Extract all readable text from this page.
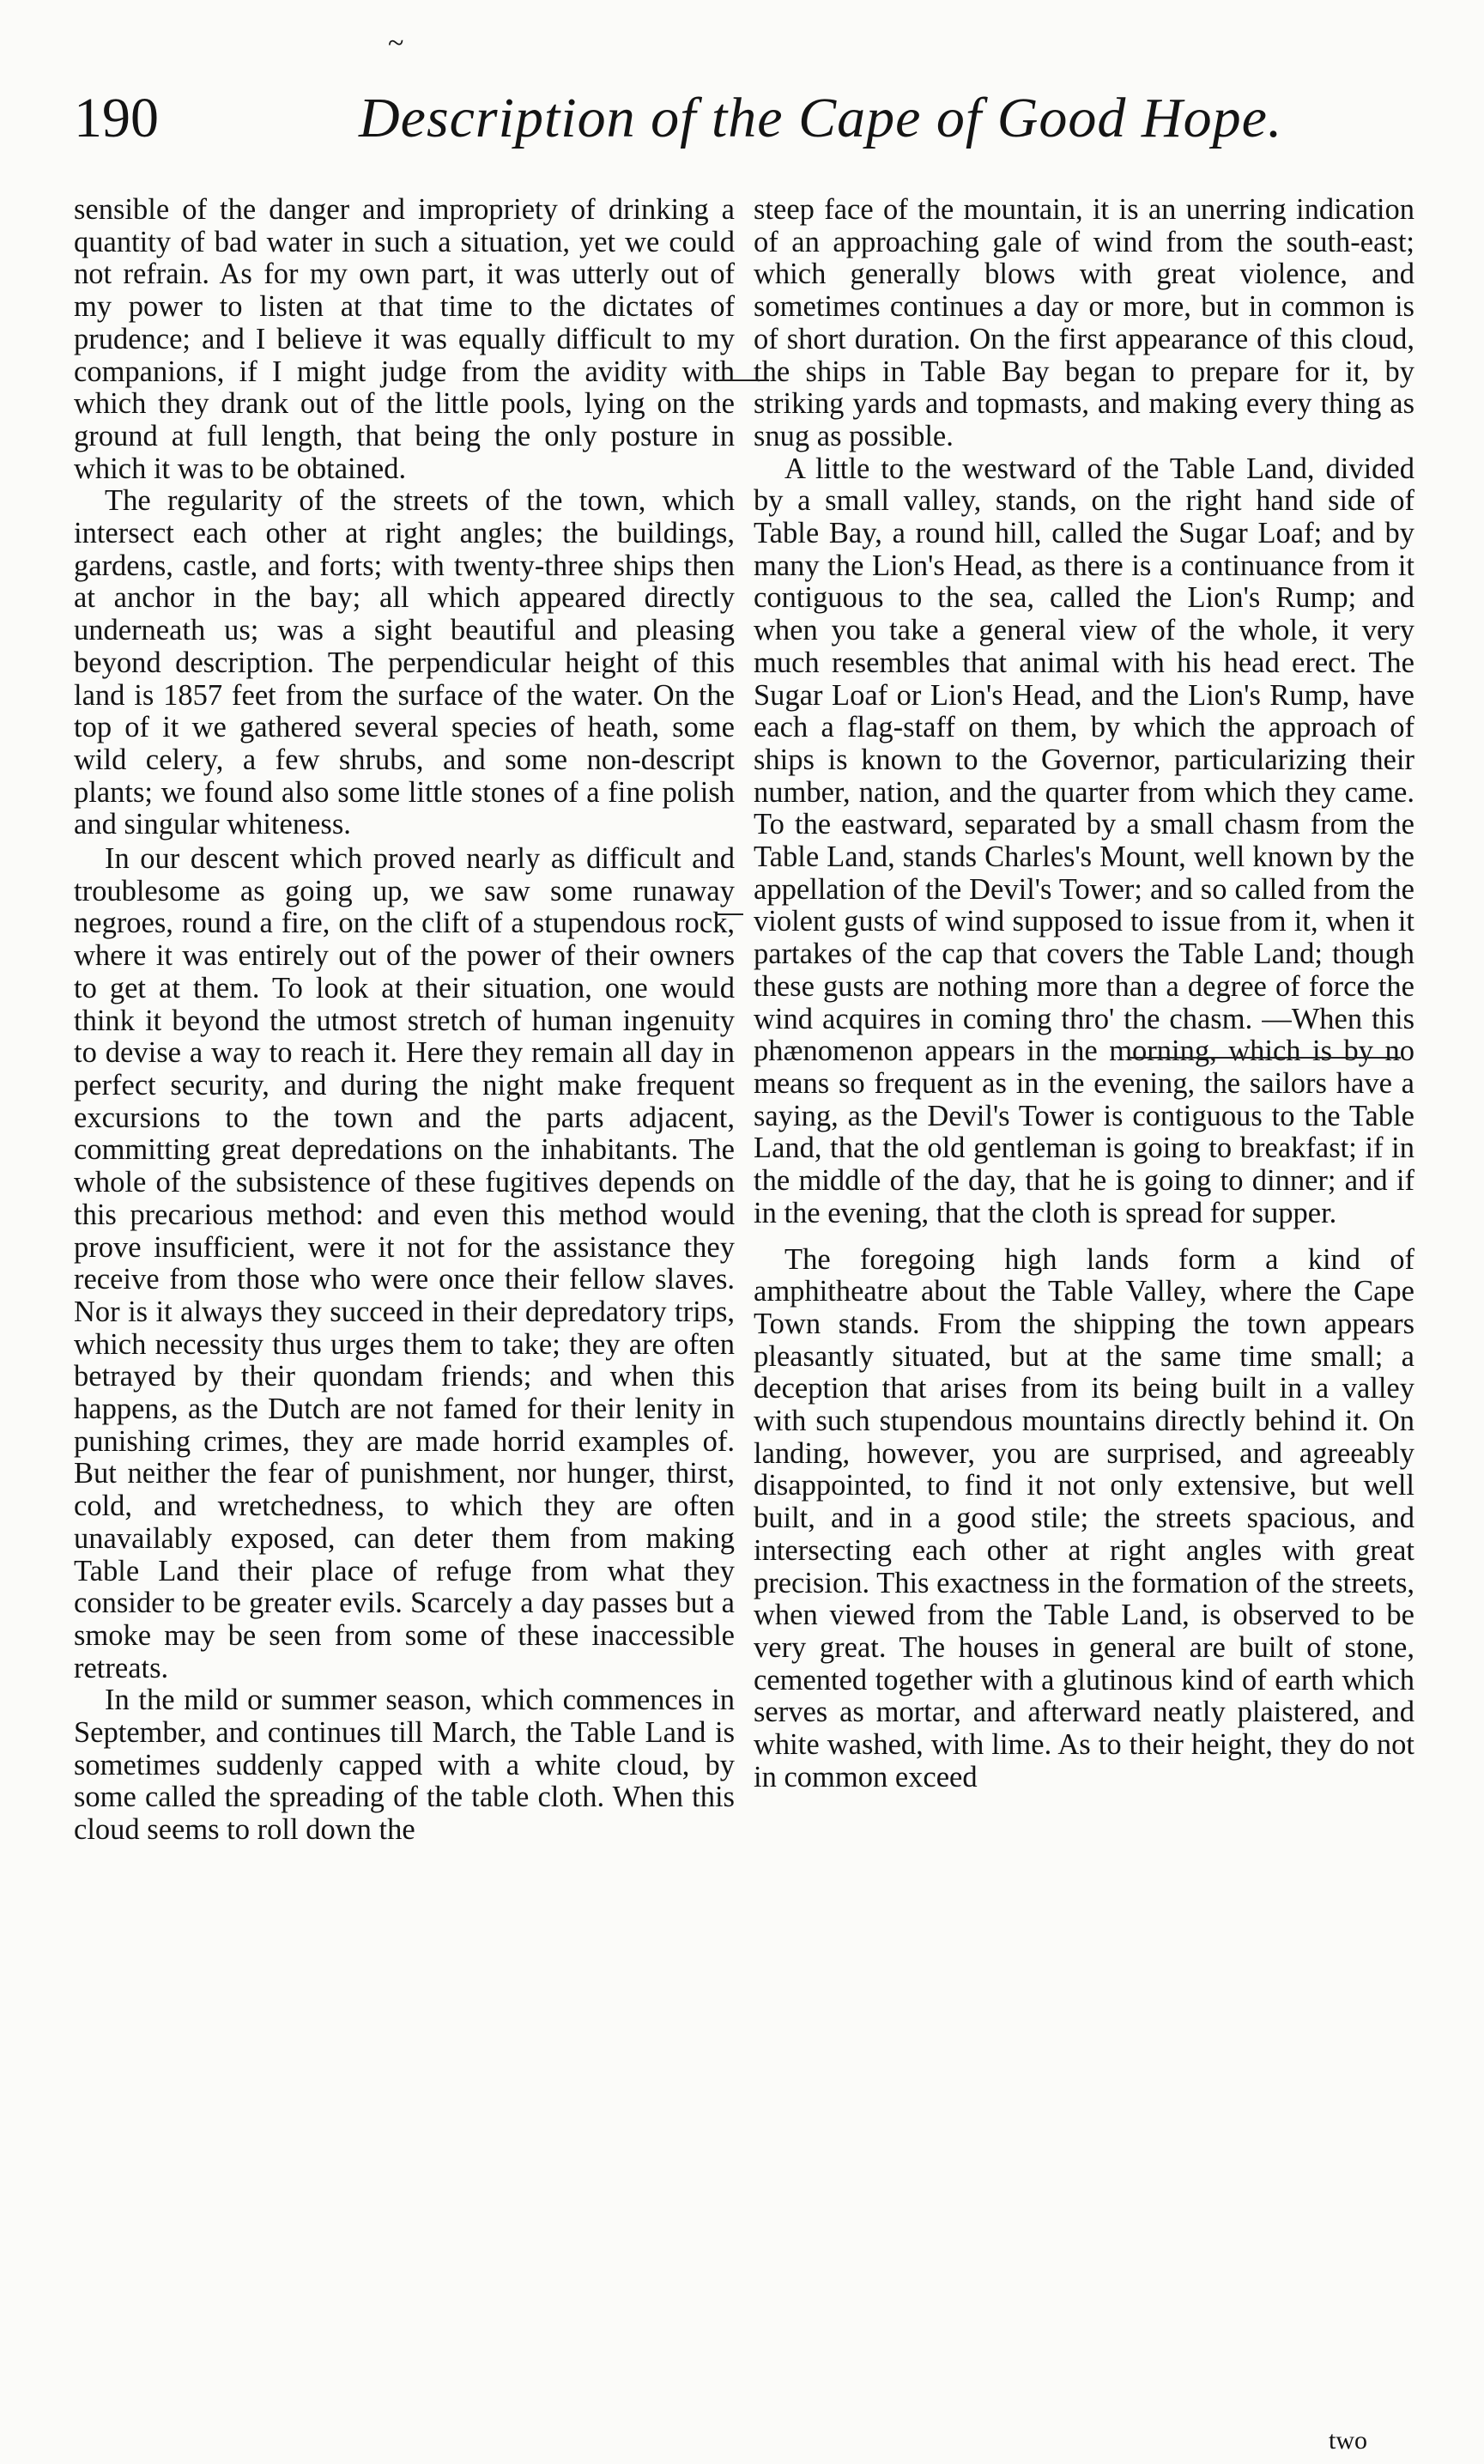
~
190	Description of the Cape of Good Hope.

sensible of the danger and impropriety of drinking a quantity of bad water in such a situation, yet we could not refrain. As for my own part, it was utterly out of my power to listen at that time to the dictates of prudence; and I believe it was equally difficult to my companions, if I might judge from the avidity with which they drank out of the little pools, lying on the ground at full length, that being the only posture in which it was to be obtained.

The regularity of the streets of the town, which intersect each other at right angles; the buildings, gardens, castle, and forts; with twenty-three ships then at anchor in the bay; all which appeared directly underneath us; was a sight beautiful and pleasing beyond description. The perpendicular height of this land is 1857 feet from the surface of the water. On the top of it we gathered several species of heath, some wild celery, a few shrubs, and some non-descript plants; we found also some little stones of a fine polish and singular whiteness.

In our descent which proved nearly as difficult and troublesome as going up, we saw some runaway negroes, round a fire, on the clift of a stupendous rock, where it was entirely out of the power of their owners to get at them. To look at their situation, one would think it beyond the utmost stretch of human ingenuity to devise a way to reach it. Here they remain all day in perfect security, and during the night make frequent excursions to the town and the parts adjacent, committing great depredations on the inhabitants. The whole of the subsistence of these fugitives depends on this precarious method: and even this method would prove insufficient, were it not for the assistance they receive from those who were once their fellow slaves. Nor is it always they succeed in their depredatory trips, which necessity thus urges them to take; they are often betrayed by their quondam friends; and when this happens, as the Dutch are not famed for their lenity in punishing crimes, they are made horrid examples of. But neither the fear of punishment, nor hunger, thirst, cold, and wretchedness, to which they are often unavailably exposed, can deter them from making Table Land their place of refuge from what they consider to be greater evils. Scarcely a day passes but a smoke may be seen from some of these inaccessible retreats.

In the mild or summer season, which commences in September, and continues till March, the Table Land is sometimes suddenly capped with a white cloud, by some called the spreading of the table cloth. When this cloud seems to roll down the

steep face of the mountain, it is an unerring indication of an approaching gale of wind from the south-east; which generally blows with great violence, and sometimes continues a day or more, but in common is of short duration. On the first appearance of this cloud, the ships in Table Bay began to prepare for it, by striking yards and topmasts, and making every thing as snug as possible.

A little to the westward of the Table Land, divided by a small valley, stands, on the right hand side of Table Bay, a round hill, called the Sugar Loaf; and by many the Lion's Head, as there is a continuance from it contiguous to the sea, called the Lion's Rump; and when you take a general view of the whole, it very much resembles that animal with his head erect. The Sugar Loaf or Lion's Head, and the Lion's Rump, have each a flag-staff on them, by which the approach of ships is known to the Governor, particularizing their number, nation, and the quarter from which they came. To the eastward, separated by a small chasm from the Table Land, stands Charles's Mount, well known by the appellation of the Devil's Tower; and so called from the violent gusts of wind supposed to issue from it, when it partakes of the cap that covers the Table Land; though these gusts are nothing more than a degree of force the wind acquires in coming thro' the chasm. —When this phænomenon appears in the morning, which is by no means so frequent as in the evening, the sailors have a saying, as the Devil's Tower is contiguous to the Table Land, that the old gentleman is going to breakfast; if in the middle of the day, that he is going to dinner; and if in the evening, that the cloth is spread for supper.

The foregoing high lands form a kind of amphitheatre about the Table Valley, where the Cape Town stands. From the shipping the town appears pleasantly situated, but at the same time small; a deception that arises from its being built in a valley with such stupendous mountains directly behind it. On landing, however, you are surprised, and agreeably disappointed, to find it not only extensive, but well built, and in a good stile; the streets spacious, and intersecting each other at right angles with great precision. This exactness in the formation of the streets, when viewed from the Table Land, is observed to be very great. The houses in general are built of stone, cemented together with a glutinous kind of earth which serves as mortar, and afterward neatly plaistered, and white washed, with lime. As to their height, they do not in common exceed

two
